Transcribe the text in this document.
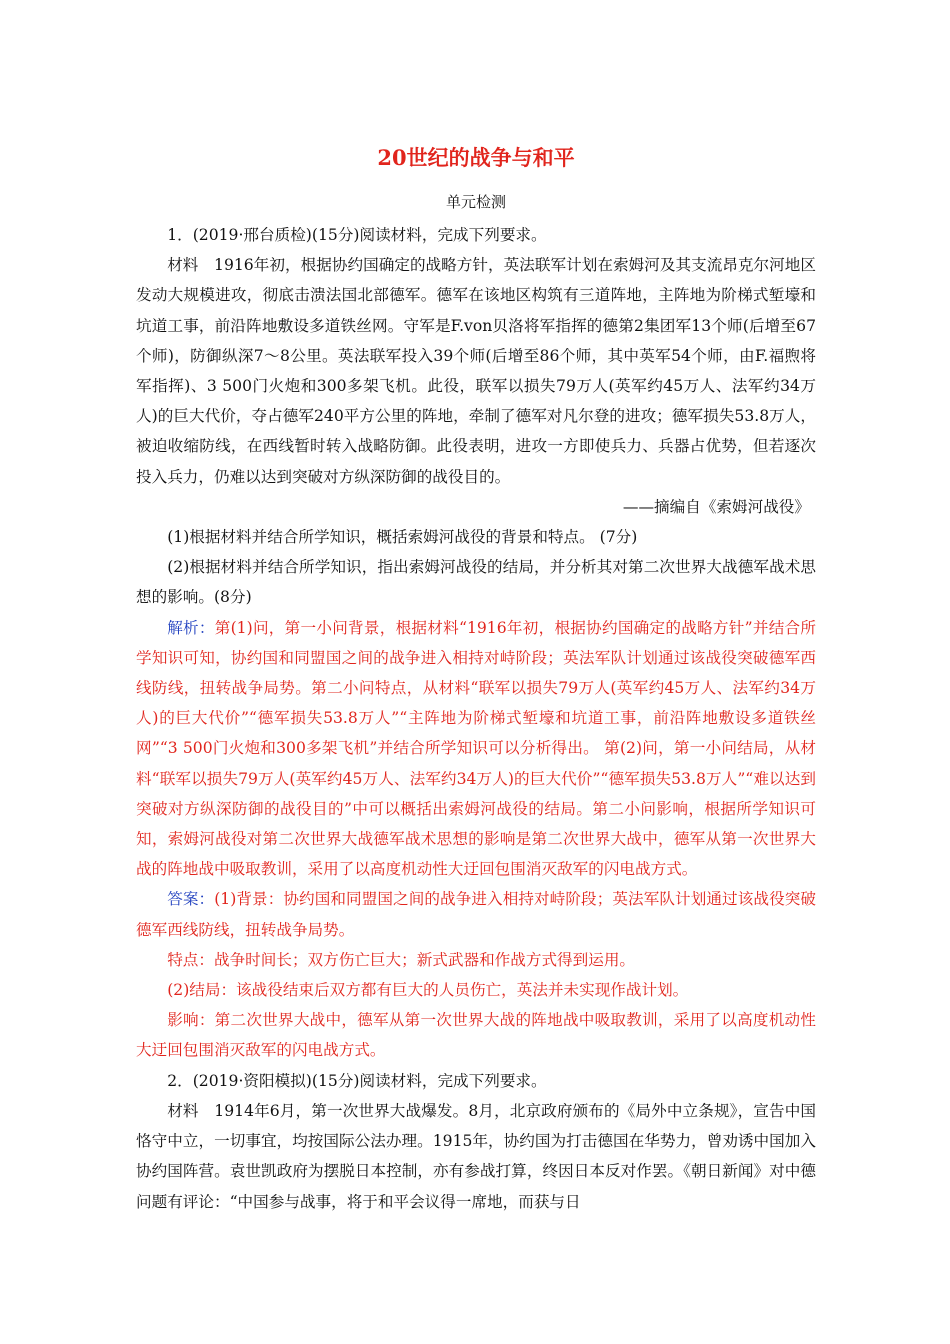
20世纪的战争与和平
单元检测

1．(2019·邢台质检)(15分)阅读材料，完成下列要求。

材料　1916年初，根据协约国确定的战略方针，英法联军计划在索姆河及其支流昂克尔河地区发动大规模进攻，彻底击溃法国北部德军。德军在该地区构筑有三道阵地，主阵地为阶梯式堑壕和坑道工事，前沿阵地敷设多道铁丝网。守军是F.von贝洛将军指挥的德第2集团军13个师(后增至67个师)，防御纵深7～8公里。英法联军投入39个师(后增至86个师，其中英军54个师，由F.福煦将军指挥)、3 500门火炮和300多架飞机。此役，联军以损失79万人(英军约45万人、法军约34万人)的巨大代价，夺占德军240平方公里的阵地，牵制了德军对凡尔登的进攻；德军损失53.8万人，被迫收缩防线，在西线暂时转入战略防御。此役表明，进攻一方即使兵力、兵器占优势，但若逐次投入兵力，仍难以达到突破对方纵深防御的战役目的。

——摘编自《索姆河战役》

(1)根据材料并结合所学知识，概括索姆河战役的背景和特点。 (7分)

(2)根据材料并结合所学知识，指出索姆河战役的结局，并分析其对第二次世界大战德军战术思想的影响。(8分)

解析：第(1)问，第一小问背景，根据材料“1916年初，根据协约国确定的战略方针”并结合所学知识可知，协约国和同盟国之间的战争进入相持对峙阶段；英法军队计划通过该战役突破德军西线防线，扭转战争局势。第二小问特点，从材料“联军以损失79万人(英军约45万人、法军约34万人)的巨大代价”“德军损失53.8万人”“主阵地为阶梯式堑壕和坑道工事，前沿阵地敷设多道铁丝网”“3 500门火炮和300多架飞机”并结合所学知识可以分析得出。 第(2)问，第一小问结局，从材料“联军以损失79万人(英军约45万人、法军约34万人)的巨大代价”“德军损失53.8万人”“难以达到突破对方纵深防御的战役目的”中可以概括出索姆河战役的结局。第二小问影响，根据所学知识可知，索姆河战役对第二次世界大战德军战术思想的影响是第二次世界大战中，德军从第一次世界大战的阵地战中吸取教训，采用了以高度机动性大迂回包围消灭敌军的闪电战方式。

答案：(1)背景：协约国和同盟国之间的战争进入相持对峙阶段；英法军队计划通过该战役突破德军西线防线，扭转战争局势。

特点：战争时间长；双方伤亡巨大；新式武器和作战方式得到运用。

(2)结局：该战役结束后双方都有巨大的人员伤亡，英法并未实现作战计划。

影响：第二次世界大战中，德军从第一次世界大战的阵地战中吸取教训，采用了以高度机动性大迂回包围消灭敌军的闪电战方式。

2．(2019·资阳模拟)(15分)阅读材料，完成下列要求。

材料　1914年6月，第一次世界大战爆发。8月，北京政府颁布的《局外中立条规》，宣告中国恪守中立，一切事宜，均按国际公法办理。1915年，协约国为打击德国在华势力，曾劝诱中国加入协约国阵营。袁世凯政府为摆脱日本控制，亦有参战打算，终因日本反对作罢。《朝日新闻》对中德问题有评论：“中国参与战事，将于和平会议得一席地，而获与日
